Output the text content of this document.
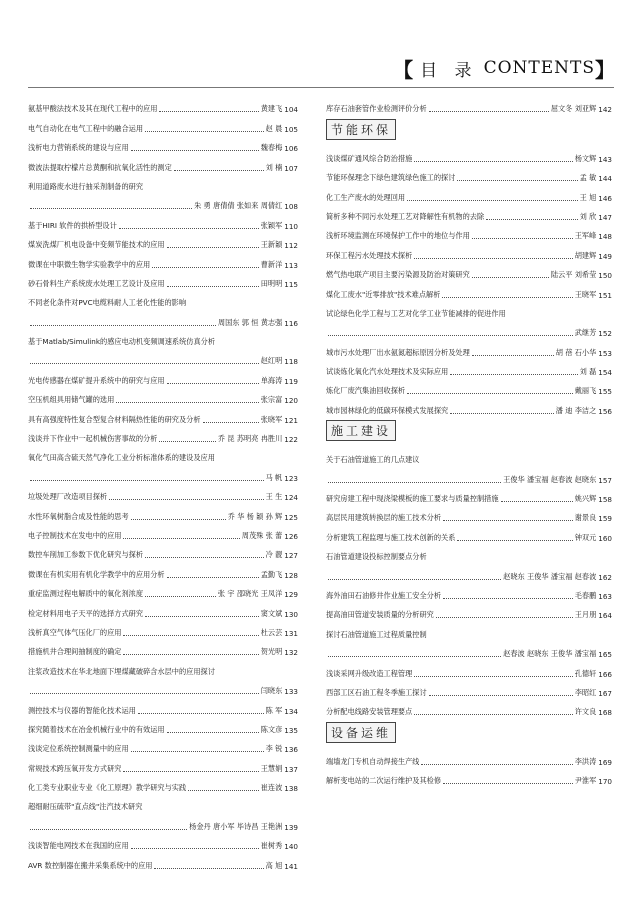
【 目 录 CONTENTS 】
氨基甲酸法技术及其在现代工程中的应用	黄建飞 104
电气自动化在电气工程中的融合运用	赵 晨 105
浅析电力营销系统的建设与应用	魏春梅 106
微波法提取柠檬片总黄酮和抗氧化活性的测定	刘 楠 107
利用道路废水进行抽采剂制备的研究
朱 勇 唐倩倩 张如来 周倩红 108
基于HIRI 软件的拱桥型设计	张颖军 110
煤炭洗煤厂机电设备中变频节能技术的应用	王新颖 112
微课在中职微生物学实验教学中的应用	曹新洋 113
砂石骨料生产系统废水处理工艺设计及应用	田明明 115
不同老化条件对PVC电缆料耐人工老化性能的影响
周国东 郭 恒 黄志强 116
基于Matlab/Simulink的感应电动机变频调速系统仿真分析
赵红明 118
光电传感器在煤矿提升系统中的研究与应用	单海涛 119
空压机组具用储气罐的选用	张宗富 120
具有高强度特性复合型复合材料隔热性能的研究及分析	张晓军 121
浅谈并下作业中一起机械伤害事故的分析	乔 昆 苏明亮 冉胜川 122
氧化气田高含硫天然气净化工业分析标准体系的建设及应用
马 帆 123
垃圾处理厂改造项目探析	王 生 124
水性环氧树脂合成及性能的思考	乔 华 杨 颖 孙 辉 125
电子控制技术在发电中的应用	周茂殊 张 蕾 126
数控车削加工参数下优化研究与探析	冷 靓 127
微课在有机实用有机化学教学中的应用分析	孟勤飞 128
重症监测过程电解质中的氧化剂浓度	张 宇 邵晓光 王凤洋 129
检定材料用电子天平的选择方式研究	窦文斌 130
浅析真空气体气压化厂的应用	杜云芸 131
措施机井合理间抽制度的确定	贺光明 132
注浆改造技术在华北地面下埋煤藏破碎含水层中的应用探讨
闫晓东 133
测控技术与仪器的智能化技术运用	陈 军 134
探究随着技术在冶金机械行业中的有效运用	陈文彦 135
浅谈定位系统控制测量中的应用	李 锐 136
常规技术跨压氧开发方式研究	王慧娟 137
化工类专业职业专业《化工原理》教学研究与实践	崔连波 138
超细耐压硫带"直点线"注汽技术研究
杨金丹 唐小军 毕诗昌 王艳洲 139
浅谈智能电网技术在我国的应用	崔树秀 140
AVR 数控制器在搬井采集系统中的应用	高 旭 141
库存石油套管作业检测评价分析	屈文冬 刘亚辉 142
节能环保
浅谈煤矿通风综合防治措施	杨文辉 143
节能环保理念下绿色建筑绿色施工的探讨	孟 敏 144
化工生产废水的处理回用	王 旭 146
简析多种不同污水处理工艺对降解性有机物的去除	刘 欣 147
浅析环境监测在环境保护工作中的地位与作用	王军峰 148
环保工程污水处理技术探析	胡建辉 149
燃气热电联产项目主要污染源及防治对策研究	陆云平 刘希莹 150
煤化工废水"近零排放"技术难点解析	王晓军 151
试论绿色化学工程与工艺对化学工业节能减排的促进作用
武继芳 152
城市污水处理厂出水氨氮超标原因分析及处理	胡 蓓 石小华 153
试谈炼化氧化汽水处理技术及实际应用	刘 磊 154
炼化厂废汽集油回收探析	戴丽飞 155
城市园林绿化的低碳环保模式发展探究	潘 迪 李洁之 156
施工建设
关于石油管道施工的几点建议
王俊华 潘宝福 赵春波 赵晓东 157
研究房建工程中现浇梁模板的施工要求与质量控制措施	姚兴辉 158
高层民用建筑转换层的施工技术分析	谢景良 159
分析建筑工程监理与施工技术创新的关系	钟双元 160
石油管道建设投标控制要点分析
赵晓东 王俊华 潘宝福 赵春波 162
海外油田石油修井作业施工安全分析	毛春鹏 163
提高油田管道安装质量的分析研究	王月朋 164
探讨石油管道施工过程质量控制
赵春波 赵晓东 王俊华 潘宝福 165
浅谈采网升级改造工程管理	孔德轩 166
西部工区石油工程冬季施工探讨	李昭红 167
分析配电线路安装管理要点	许文良 168
设备运维
端墙龙门专机自动焊接生产线	李洪涛 169
解析变电站的二次运行维护及其检修	尹淮军 170
